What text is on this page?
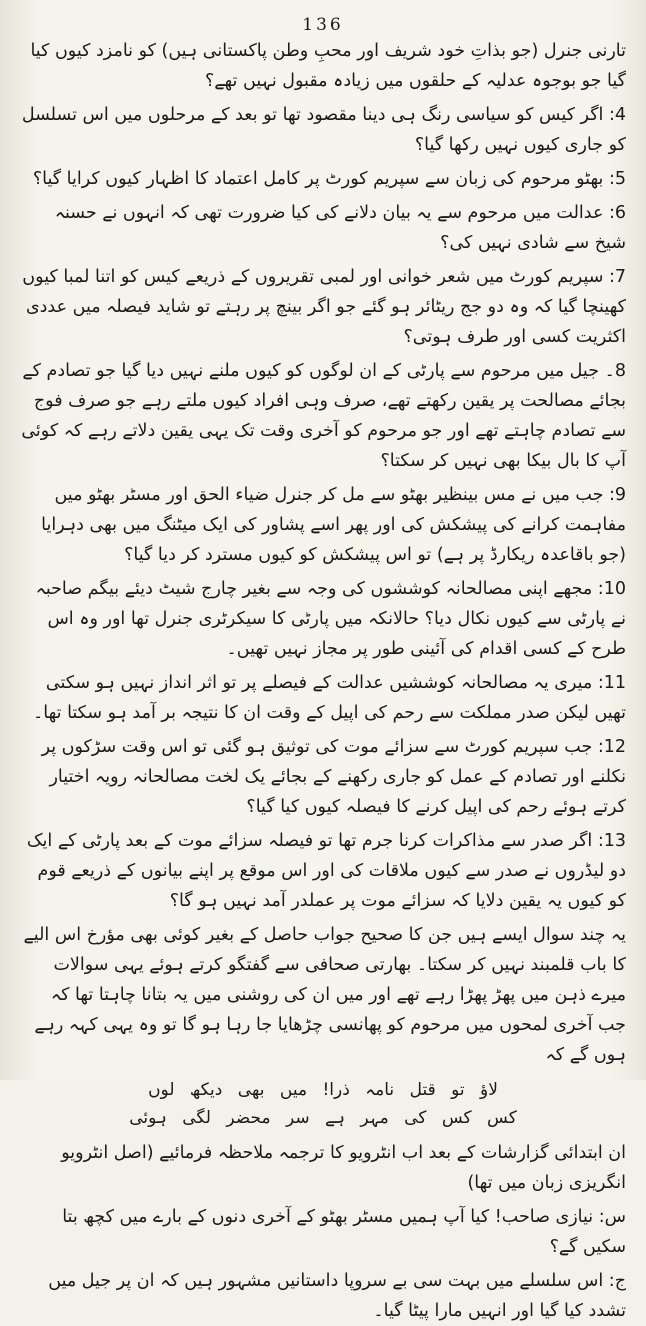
136

تارنی جنرل (جو بذاتِ خود شریف اور محبِ وطن پاکستانی ہیں) کو نامزد کیوں کیا گیا جو بوجوہ عدلیہ کے حلقوں میں زیادہ مقبول نہیں تھے؟

4: اگر کیس کو سیاسی رنگ ہی دینا مقصود تھا تو بعد کے مرحلوں میں اس تسلسل کو جاری کیوں نہیں رکھا گیا؟

5: بھٹو مرحوم کی زبان سے سپریم کورٹ پر کامل اعتماد کا اظہار کیوں کرایا گیا؟

6: عدالت میں مرحوم سے یہ بیان دلانے کی کیا ضرورت تھی کہ انہوں نے حسنہ شیخ سے شادی نہیں کی؟

7: سپریم کورٹ میں شعر خوانی اور لمبی تقریروں کے ذریعے کیس کو اتنا لمبا کیوں کھینچا گیا کہ وہ دو جج ریٹائر ہو گئے جو اگر بینچ پر رہتے تو شاید فیصلہ میں عددی اکثریت کسی اور طرف ہوتی؟

8۔ جیل میں مرحوم سے پارٹی کے ان لوگوں کو کیوں ملنے نہیں دیا گیا جو تصادم کے بجائے مصالحت پر یقین رکھتے تھے، صرف وہی افراد کیوں ملتے رہے جو صرف فوج سے تصادم چاہتے تھے اور جو مرحوم کو آخری وقت تک یہی یقین دلاتے رہے کہ کوئی آپ کا بال بیکا بھی نہیں کر سکتا؟

9: جب میں نے مس بینظیر بھٹو سے مل کر جنرل ضیاء الحق اور مسٹر بھٹو میں مفاہمت کرانے کی پیشکش کی اور پھر اسے پشاور کی ایک میٹنگ میں بھی دہرایا (جو باقاعدہ ریکارڈ پر ہے) تو اس پیشکش کو کیوں مسترد کر دیا گیا؟

10: مجھے اپنی مصالحانہ کوششوں کی وجہ سے بغیر چارج شیٹ دیئے بیگم صاحبہ نے پارٹی سے کیوں نکال دیا؟ حالانکہ میں پارٹی کا سیکرٹری جنرل تھا اور وہ اس طرح کے کسی اقدام کی آئینی طور پر مجاز نہیں تھیں۔

11: میری یہ مصالحانہ کوششیں عدالت کے فیصلے پر تو اثر انداز نہیں ہو سکتی تھیں لیکن صدر مملکت سے رحم کی اپیل کے وقت ان کا نتیجہ بر آمد ہو سکتا تھا۔

12: جب سپریم کورٹ سے سزائے موت کی توثیق ہو گئی تو اس وقت سڑکوں پر نکلنے اور تصادم کے عمل کو جاری رکھنے کے بجائے یک لخت مصالحانہ رویہ اختیار کرتے ہوئے رحم کی اپیل کرنے کا فیصلہ کیوں کیا گیا؟

13: اگر صدر سے مذاکرات کرنا جرم تھا تو فیصلہ سزائے موت کے بعد پارٹی کے ایک دو لیڈروں نے صدر سے کیوں ملاقات کی اور اس موقع پر اپنے بیانوں کے ذریعے قوم کو کیوں یہ یقین دلایا کہ سزائے موت پر عملدر آمد نہیں ہو گا؟

یہ چند سوال ایسے ہیں جن کا صحیح جواب حاصل کے بغیر کوئی بھی مؤرخ اس الیے کا باب قلمبند نہیں کر سکتا۔ بھارتی صحافی سے گفتگو کرتے ہوئے یہی سوالات میرے ذہن میں پھڑ پھڑا رہے تھے اور میں ان کی روشنی میں یہ بتانا چاہتا تھا کہ جب آخری لمحوں میں مرحوم کو پھانسی چڑھایا جا رہا ہو گا تو وہ یہی کہہ رہے ہوں گے کہ

لاؤ تو قتل نامہ ذرا! میں بھی دیکھ لوں
کس کس کی مہر ہے سر محضر لگی ہوئی

ان ابتدائی گزارشات کے بعد اب انٹرویو کا ترجمہ ملاحظہ فرمائیے (اصل انٹرویو انگریزی زبان میں تھا)

س: نیازی صاحب! کیا آپ ہمیں مسٹر بھٹو کے آخری دنوں کے بارے میں کچھ بتا سکیں گے؟

ج: اس سلسلے میں بہت سی بے سروپا داستانیں مشہور ہیں کہ ان پر جیل میں تشدد کیا گیا اور انہیں مارا پیٹا گیا۔
